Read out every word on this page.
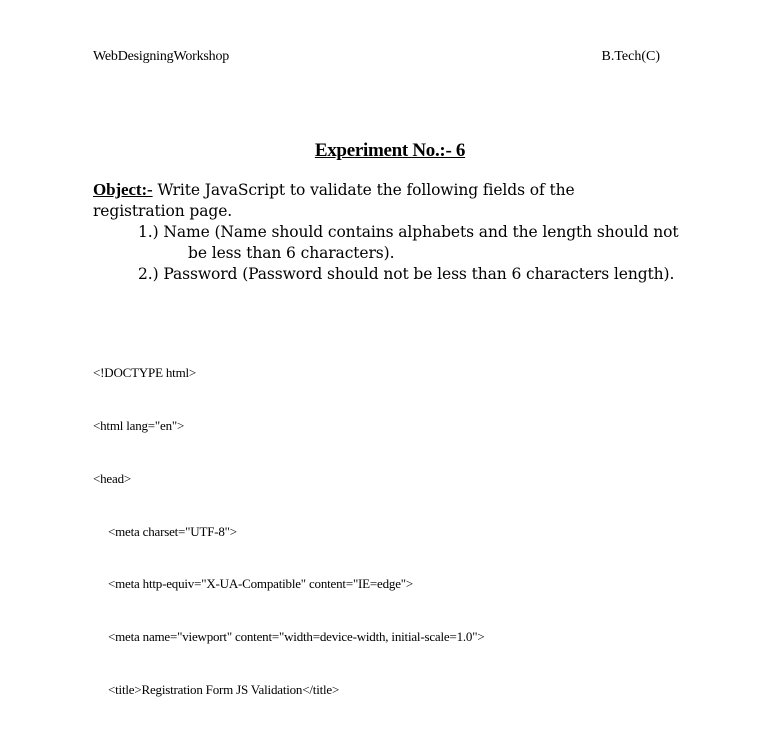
WebDesigningWorkshop	B.Tech(C)
Experiment No.:- 6
Object:- Write JavaScript to validate the following fields of the
registration page.
1.) Name (Name should contains alphabets and the length should not
be less than 6 characters).
2.) Password (Password should not be less than 6 characters length).

<!DOCTYPE html>

<html lang="en">

<head>

<meta charset="UTF-8">

<meta http-equiv="X-UA-Compatible" content="IE=edge">

<meta name="viewport" content="width=device-width, initial-scale=1.0">

<title>Registration Form JS Validation</title>
